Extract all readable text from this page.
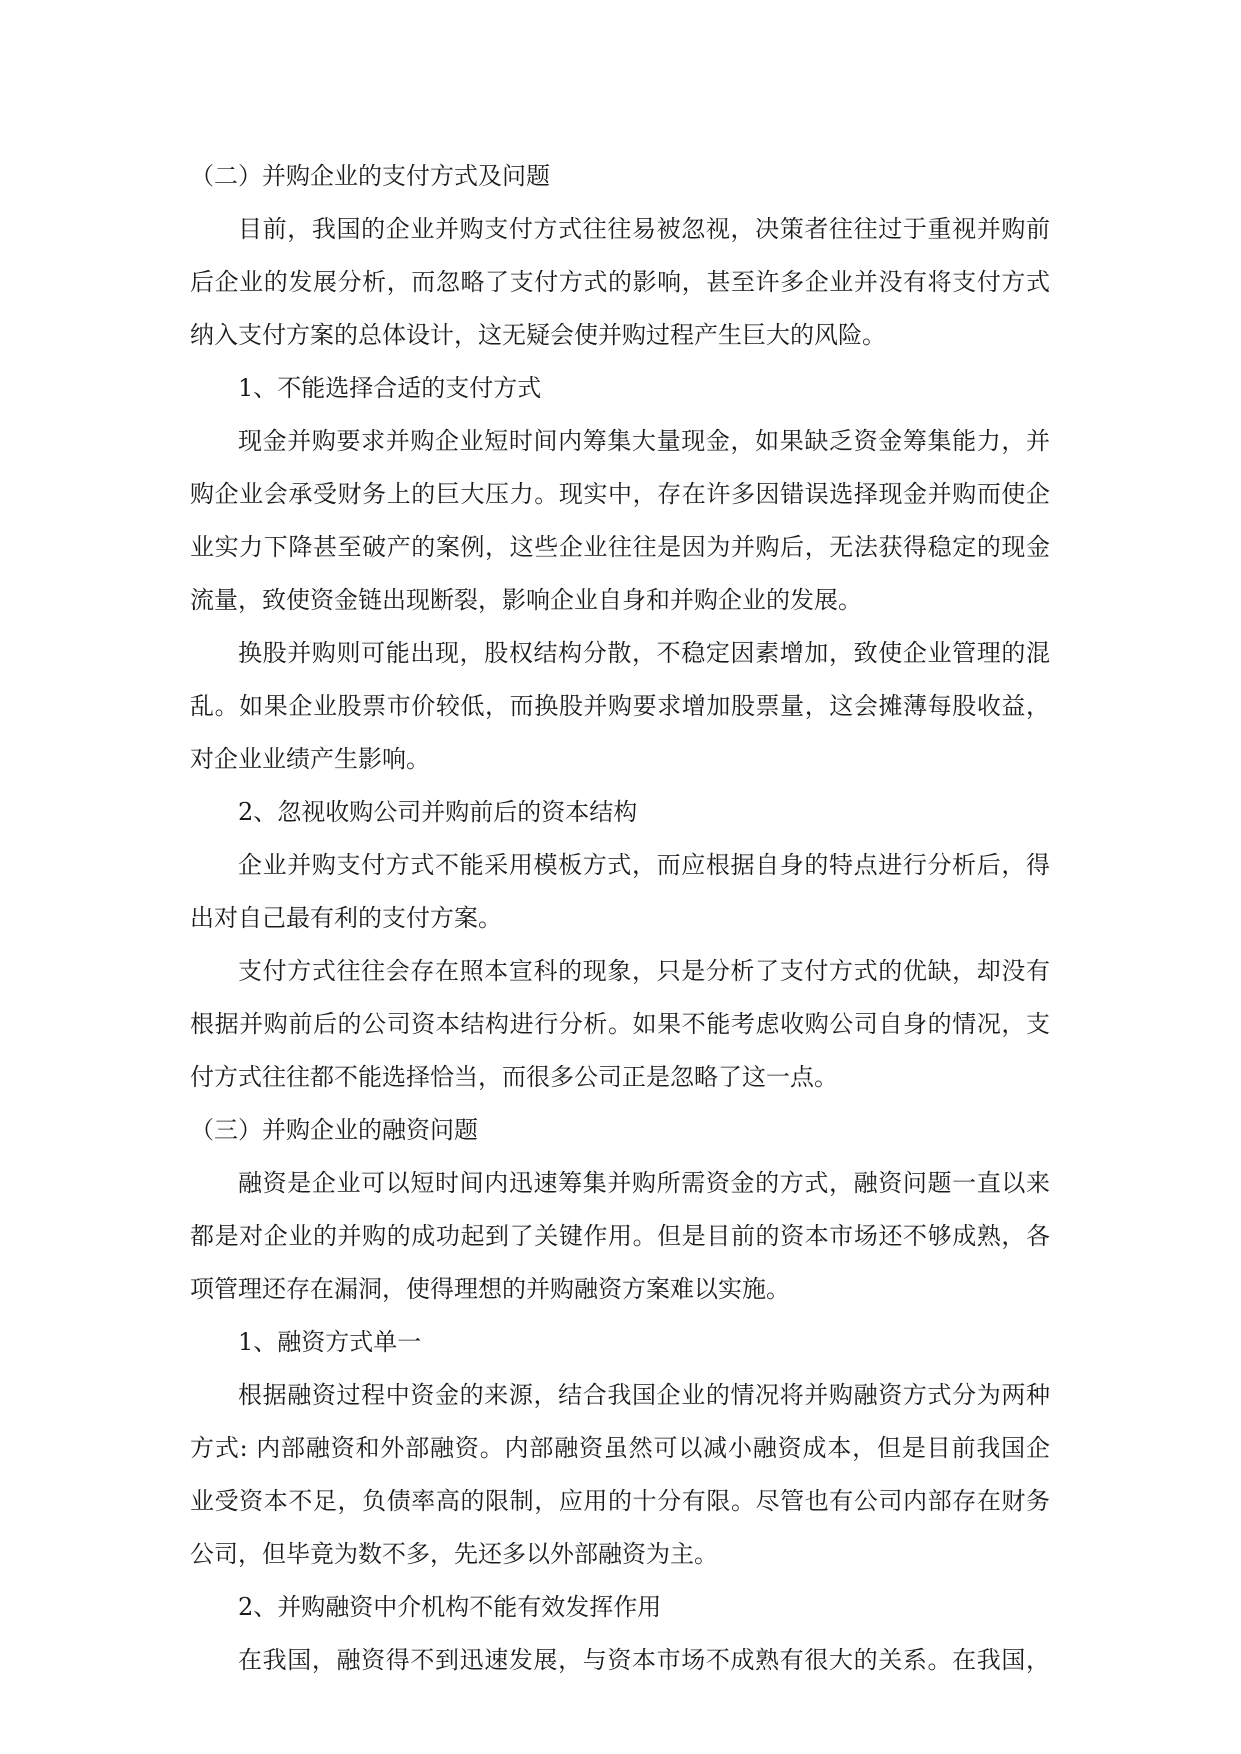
（二）并购企业的支付方式及问题
目前，我国的企业并购支付方式往往易被忽视，决策者往往过于重视并购前
后企业的发展分析，而忽略了支付方式的影响，甚至许多企业并没有将支付方式
纳入支付方案的总体设计，这无疑会使并购过程产生巨大的风险。
1、不能选择合适的支付方式
现金并购要求并购企业短时间内筹集大量现金，如果缺乏资金筹集能力，并
购企业会承受财务上的巨大压力。现实中，存在许多因错误选择现金并购而使企
业实力下降甚至破产的案例，这些企业往往是因为并购后，无法获得稳定的现金
流量，致使资金链出现断裂，影响企业自身和并购企业的发展。
换股并购则可能出现，股权结构分散，不稳定因素增加，致使企业管理的混
乱。如果企业股票市价较低，而换股并购要求增加股票量，这会摊薄每股收益，
对企业业绩产生影响。
2、忽视收购公司并购前后的资本结构
企业并购支付方式不能采用模板方式，而应根据自身的特点进行分析后，得
出对自己最有利的支付方案。
支付方式往往会存在照本宣科的现象，只是分析了支付方式的优缺，却没有
根据并购前后的公司资本结构进行分析。如果不能考虑收购公司自身的情况，支
付方式往往都不能选择恰当，而很多公司正是忽略了这一点。
（三）并购企业的融资问题
融资是企业可以短时间内迅速筹集并购所需资金的方式，融资问题一直以来
都是对企业的并购的成功起到了关键作用。但是目前的资本市场还不够成熟，各
项管理还存在漏洞，使得理想的并购融资方案难以实施。
1、融资方式单一
根据融资过程中资金的来源，结合我国企业的情况将并购融资方式分为两种
方式: 内部融资和外部融资。内部融资虽然可以减小融资成本，但是目前我国企
业受资本不足，负债率高的限制，应用的十分有限。尽管也有公司内部存在财务
公司，但毕竟为数不多，先还多以外部融资为主。
2、并购融资中介机构不能有效发挥作用
在我国，融资得不到迅速发展，与资本市场不成熟有很大的关系。在我国，
